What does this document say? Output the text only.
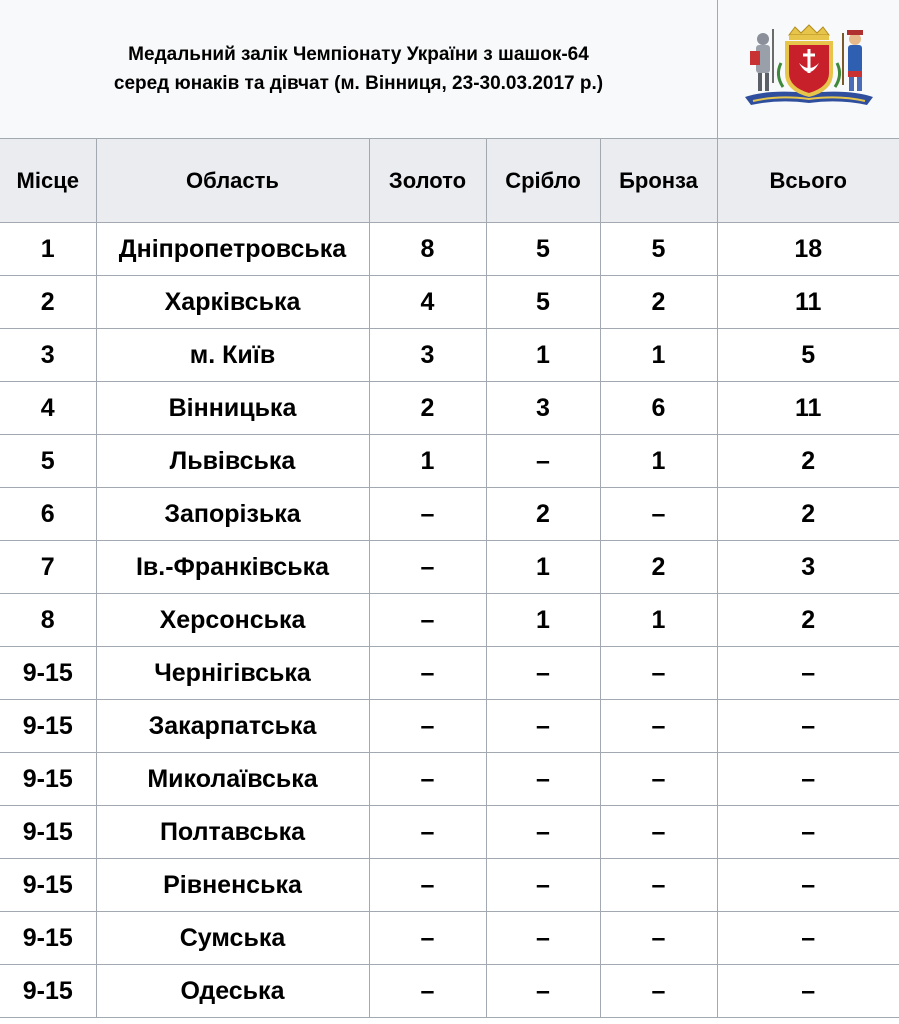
Медальний залік Чемпіонату України з шашок-64
серед юнаків та дівчат (м. Вінниця, 23-30.03.2017 р.)
Місце	Область	Золото	Срібло	Бронза	Всього
1	Дніпропетровська	8	5	5	18
2	Харківська	4	5	2	11
3	м. Київ	3	1	1	5
4	Вінницька	2	3	6	11
5	Львівська	1	–	1	2
6	Запорізька	–	2	–	2
7	Ів.-Франківська	–	1	2	3
8	Херсонська	–	1	1	2
9-15	Чернігівська	–	–	–	–
9-15	Закарпатська	–	–	–	–
9-15	Миколаївська	–	–	–	–
9-15	Полтавська	–	–	–	–
9-15	Рівненська	–	–	–	–
9-15	Сумська	–	–	–	–
9-15	Одеська	–	–	–	–
